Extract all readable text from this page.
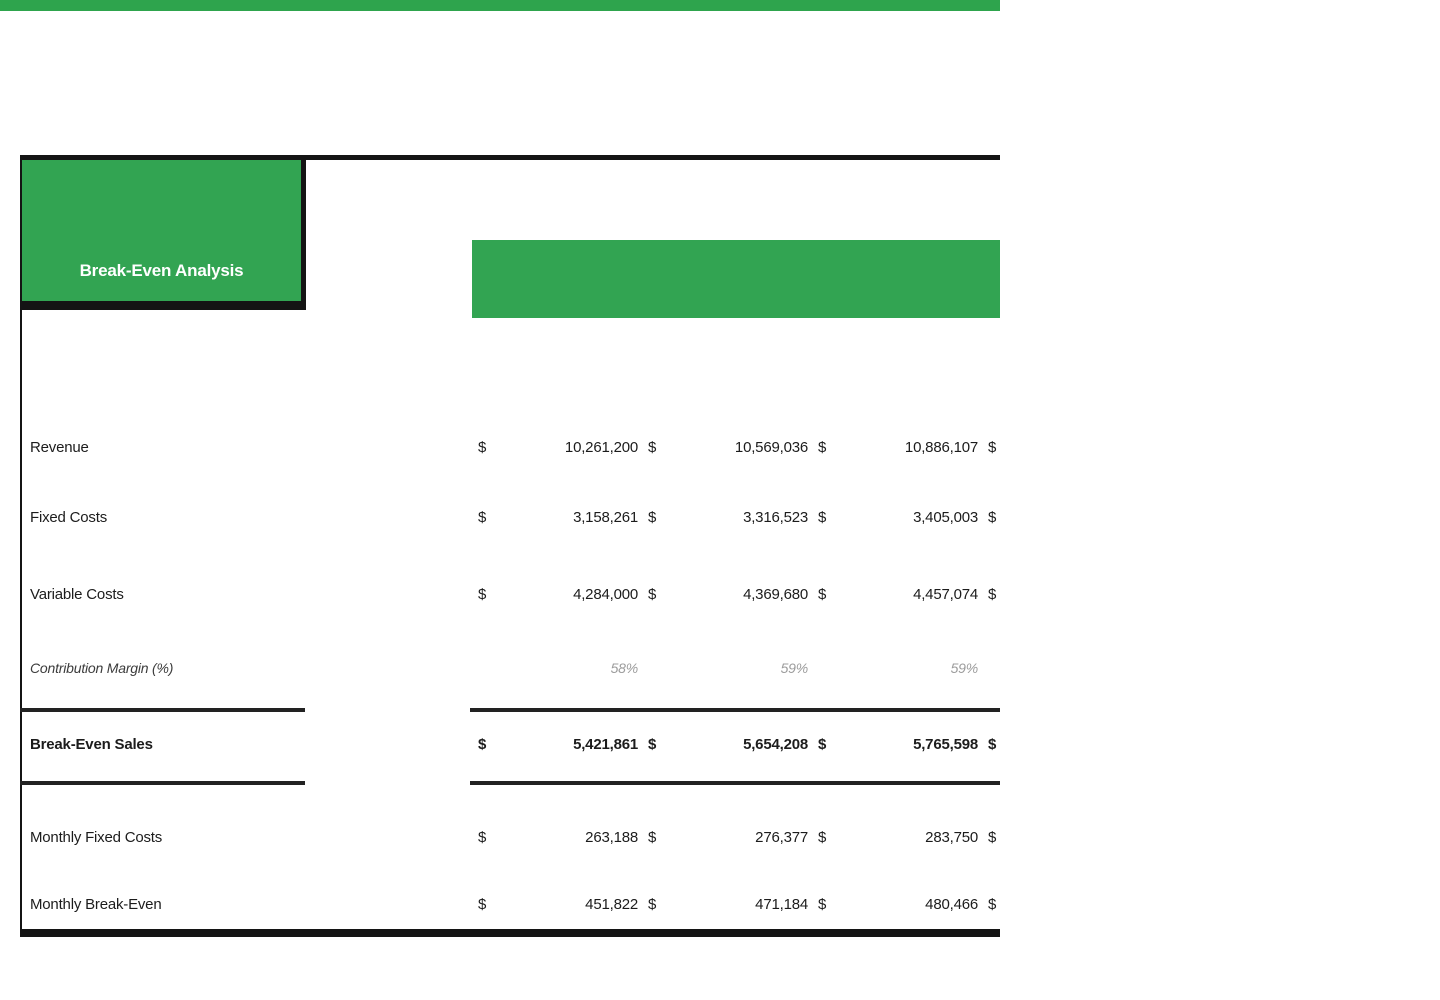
Break-Even Analysis	2023	2024	2025
Revenue	$	10,261,200 $	10,569,036 $	10,886,107 $
Fixed Costs	$	3,158,261 $	3,316,523 $	3,405,003 $
Variable Costs	$	4,284,000 $	4,369,680 $	4,457,074 $
Contribution Margin (%)	58%	59%	59%
Break-Even Sales	$	5,421,861 $	5,654,208 $	5,765,598 $
Monthly Fixed Costs	$	263,188 $	276,377 $	283,750 $
Monthly Break-Even	$	451,822 $	471,184 $	480,466 $
